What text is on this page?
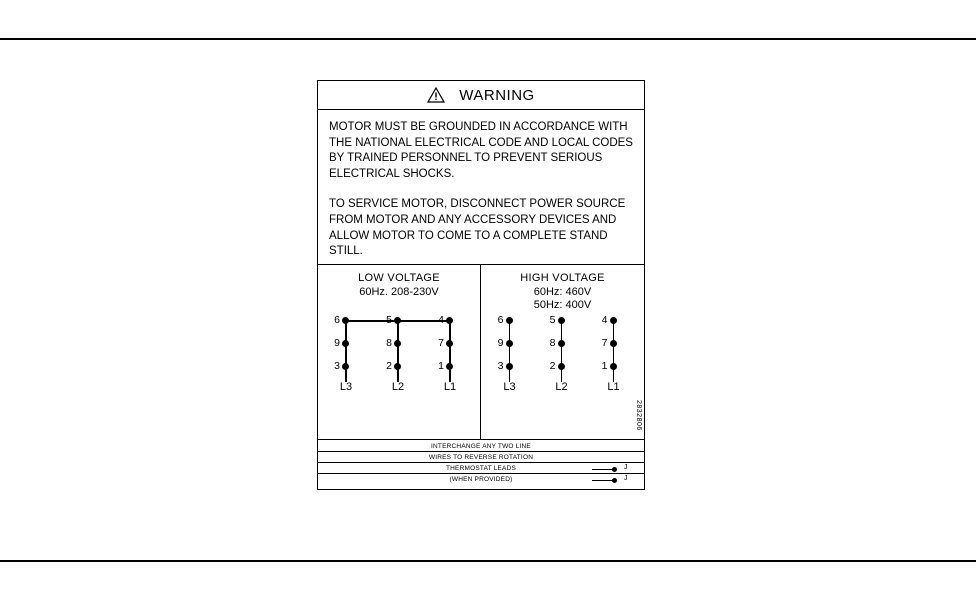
WARNING

MOTOR MUST BE GROUNDED IN ACCORDANCE WITH THE NATIONAL ELECTRICAL CODE AND LOCAL CODES BY TRAINED PERSONNEL TO PREVENT SERIOUS ELECTRICAL SHOCKS.

TO SERVICE MOTOR, DISCONNECT POWER SOURCE FROM MOTOR AND ANY ACCESSORY DEVICES AND ALLOW MOTOR TO COME TO A COMPLETE STAND STILL.

LOW VOLTAGE
60Hz. 208-230V
6	5	4
9	8	7
3	2	1
L3	L2	L1
HIGH VOLTAGE
60Hz: 460V
50Hz: 400V
6	5	4
9	8	7
3	2	1
L3	L2	L1
2832806
INTERCHANGE ANY TWO LINE
WIRES TO REVERSE ROTATION
THERMOSTAT LEADS	J
(WHEN PROVIDED)	J
